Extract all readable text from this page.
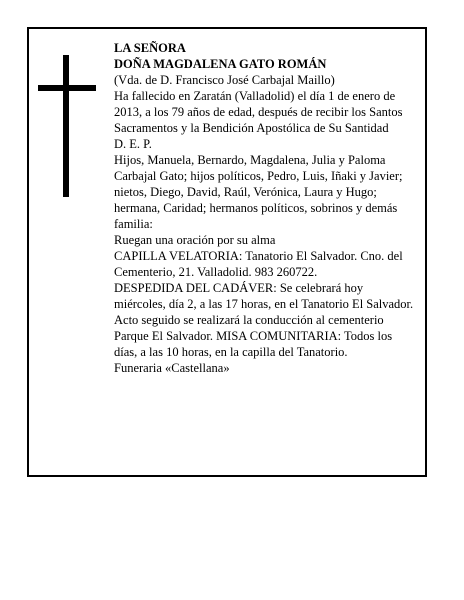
LA SEÑORA

DOÑA MAGDALENA GATO ROMÁN

(Vda. de D. Francisco José Carbajal Maillo)

Ha fallecido en Zaratán (Valladolid) el día 1 de enero de 2013, a los 79 años de edad, después de recibir los Santos Sacramentos y la Bendición Apostólica de Su Santidad

D. E. P.

Hijos, Manuela, Bernardo, Magdalena, Julia y Paloma Carbajal Gato; hijos políticos, Pedro, Luis, Iñaki y Javier; nietos, Diego, David, Raúl, Verónica, Laura y Hugo; hermana, Caridad; hermanos políticos, sobrinos y demás familia:

Ruegan una oración por su alma

CAPILLA VELATORIA: Tanatorio El Salvador. Cno. del Cementerio, 21. Valladolid. 983 260722.

DESPEDIDA DEL CADÁVER: Se celebrará hoy miércoles, día 2, a las 17 horas, en el Tanatorio El Salvador. Acto seguido se realizará la conducción al cementerio Parque El Salvador. MISA COMUNITARIA: Todos los días, a las 10 horas, en la capilla del Tanatorio.

Funeraria «Castellana»
